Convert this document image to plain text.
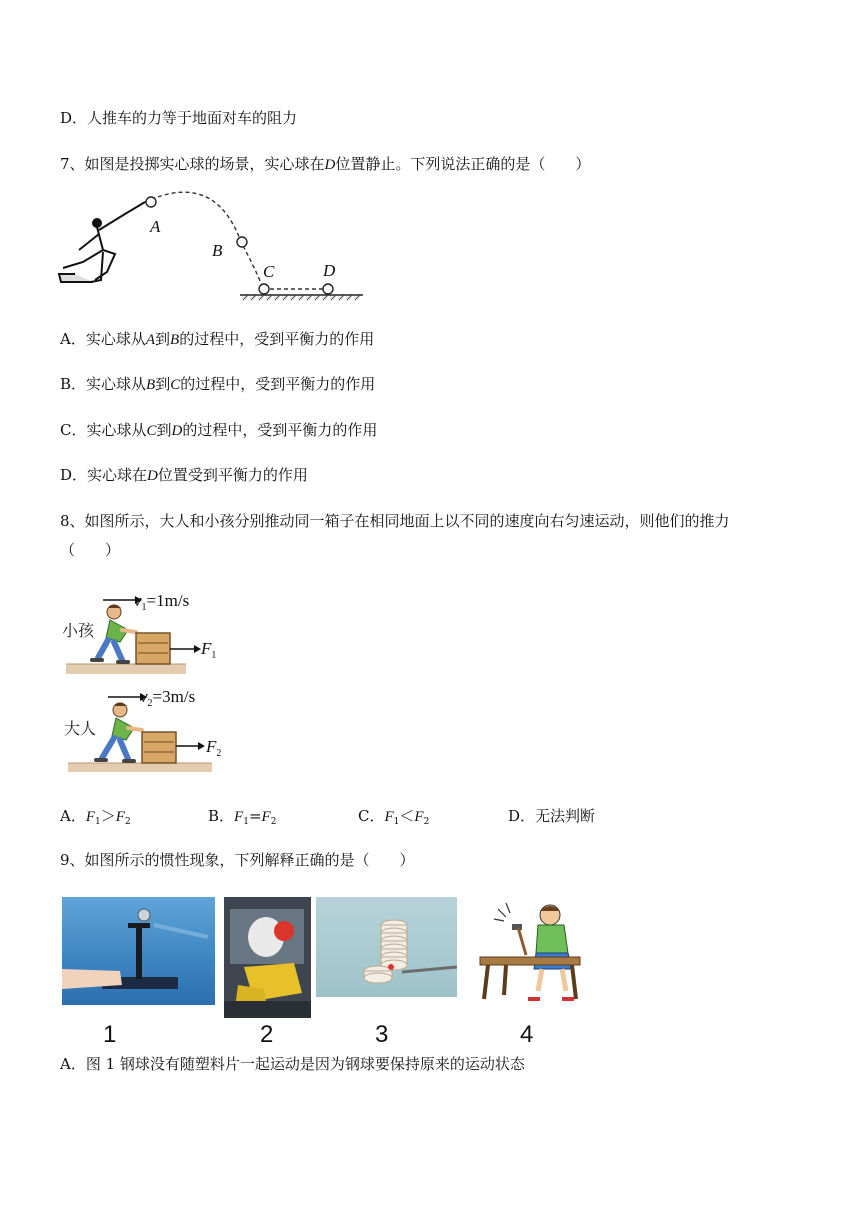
D．人推车的力等于地面对车的阻力
7、如图是投掷实心球的场景，实心球在D位置静止。下列说法正确的是（　　）
A
B
C	D
A．实心球从A到B的过程中，受到平衡力的作用
B．实心球从B到C的过程中，受到平衡力的作用
C．实心球从C到D的过程中，受到平衡力的作用
D．实心球在D位置受到平衡力的作用
8、如图所示，大人和小孩分别推动同一箱子在相同地面上以不同的速度向右匀速运动，则他们的推力
（　　）
$v_1=1m/s$
小孩
$F_1$
$v_2=3m/s$
大人
$F_2$
A．$F_1>F_2$	B．$F_1=F_2$	C．$F_1<F_2$	D．无法判断
9、如图所示的惯性现象，下列解释正确的是（　　）
1	2	3	4
A．图 1 钢球没有随塑料片一起运动是因为钢球要保持原来的运动状态
